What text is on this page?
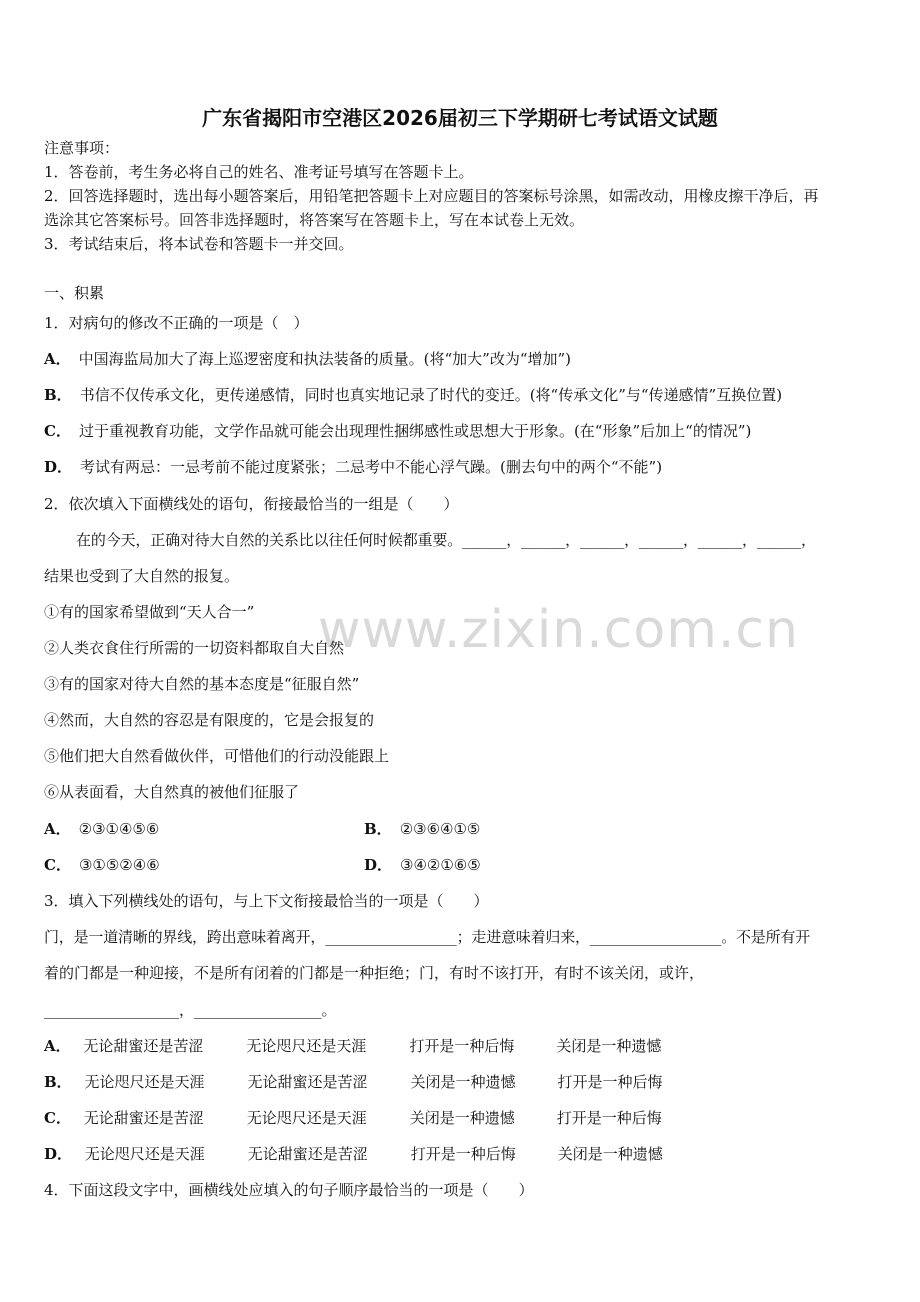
广东省揭阳市空港区2026届初三下学期研七考试语文试题
www.zixin.com.cn
注意事项：
1．答卷前，考生务必将自己的姓名、准考证号填写在答题卡上。
2．回答选择题时，选出每小题答案后，用铅笔把答题卡上对应题目的答案标号涂黑，如需改动，用橡皮擦干净后，再
选涂其它答案标号。回答非选择题时，将答案写在答题卡上，写在本试卷上无效。
3．考试结束后，将本试卷和答题卡一并交回。
一、积累
1．对病句的修改不正确的一项是（　）
A． 中国海监局加大了海上巡逻密度和执法装备的质量。(将“加大”改为“增加”)
B． 书信不仅传承文化，更传递感情，同时也真实地记录了时代的变迁。(将“传承文化”与“传递感情”互换位置)
C． 过于重视教育功能，文学作品就可能会出现理性捆绑感性或思想大于形象。(在“形象”后加上“的情况”)
D． 考试有两忌：一忌考前不能过度紧张；二忌考中不能心浮气躁。(删去句中的两个“不能”)
2．依次填入下面横线处的语句，衔接最恰当的一组是（　　）
在的今天，正确对待大自然的关系比以往任何时候都重要。______，______，______，______，______，______，
结果也受到了大自然的报复。
①有的国家希望做到“天人合一”
②人类衣食住行所需的一切资料都取自大自然
③有的国家对待大自然的基本态度是“征服自然”
④然而，大自然的容忍是有限度的，它是会报复的
⑤他们把大自然看做伙伴，可惜他们的行动没能跟上
⑥从表面看，大自然真的被他们征服了
A． ②③①④⑤⑥	B． ②③⑥④①⑤
C． ③①⑤②④⑥	D． ③④②①⑥⑤
3．填入下列横线处的语句，与上下文衔接最恰当的一项是（　　）
门，是一道清晰的界线，跨出意味着离开，__________________；走进意味着归来，__________________。不是所有开
着的门都是一种迎接，不是所有闭着的门都是一种拒绝；门，有时不该打开，有时不该关闭，或许，
__________________，_________________。
A． 无论甜蜜还是苦涩	无论咫尺还是天涯	打开是一种后悔	关闭是一种遗憾
B． 无论咫尺还是天涯	无论甜蜜还是苦涩	关闭是一种遗憾	打开是一种后悔
C． 无论甜蜜还是苦涩	无论咫尺还是天涯	关闭是一种遗憾	打开是一种后悔
D． 无论咫尺还是天涯	无论甜蜜还是苦涩	打开是一种后悔	关闭是一种遗憾
4．下面这段文字中，画横线处应填入的句子顺序最恰当的一项是（　　）
